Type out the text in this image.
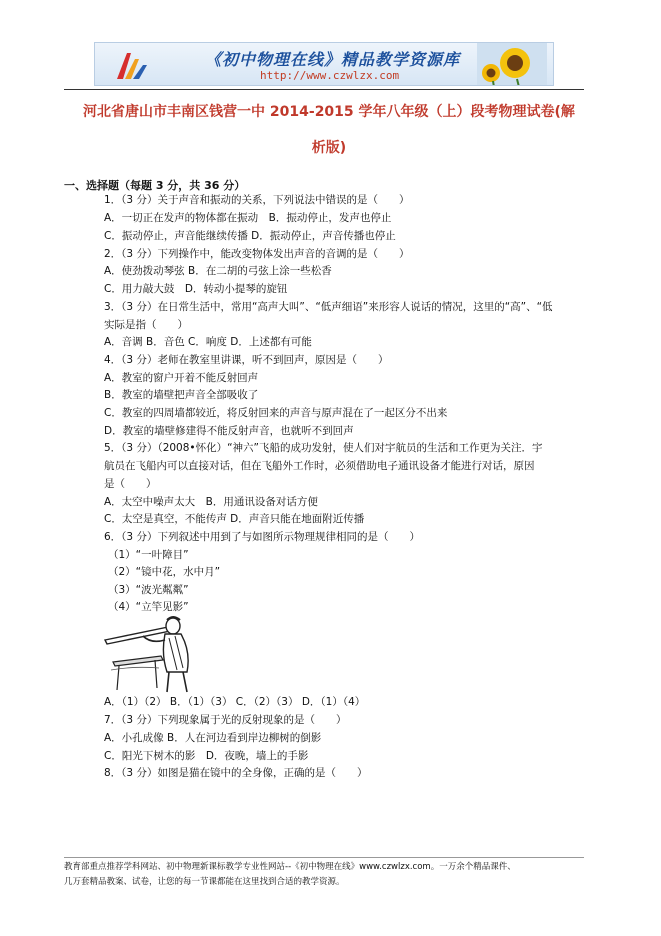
《初中物理在线》精品教学资源库
http://www.czwlzx.com
河北省唐山市丰南区钱营一中 2014-2015 学年八年级（上）段考物理试卷(解
析版)
一、选择题（每题 3 分，共 36 分）
1．（3 分）关于声音和振动的关系，下列说法中错误的是（　　）
A．一切正在发声的物体都在振动　B．振动停止，发声也停止
C．振动停止，声音能继续传播 D．振动停止，声音传播也停止
2．（3 分）下列操作中，能改变物体发出声音的音调的是（　　）
A．使劲拨动琴弦 B．在二胡的弓弦上涂一些松香
C．用力敲大鼓　D．转动小提琴的旋钮
3．（3 分）在日常生活中，常用“高声大叫”、“低声细语”来形容人说话的情况，这里的“高”、“低
实际是指（　　）
A．音调 B．音色 C．响度 D．上述都有可能
4．（3 分）老师在教室里讲课，听不到回声，原因是（　　）
A．教室的窗户开着不能反射回声
B．教室的墙壁把声音全部吸收了
C．教室的四周墙都较近，将反射回来的声音与原声混在了一起区分不出来
D．教室的墙壁修建得不能反射声音，也就听不到回声
5．（3 分）（2008•怀化）“神六”飞船的成功发射，使人们对宇航员的生活和工作更为关注．宇
航员在飞船内可以直接对话，但在飞船外工作时，必须借助电子通讯设备才能进行对话，原因
是（　　）
A．太空中噪声太大　B．用通讯设备对话方便
C．太空是真空，不能传声 D．声音只能在地面附近传播
6．（3 分）下列叙述中用到了与如图所示物理规律相同的是（　　）
（1）“一叶障目”
（2）“镜中花，水中月”
（3）“波光粼粼”
（4）“立竿见影”
A．（1）（2） B．（1）（3） C．（2）（3） D．（1）（4）
7．（3 分）下列现象属于光的反射现象的是（　　）
A．小孔成像 B．人在河边看到岸边柳树的倒影
C．阳光下树木的影　D．夜晚，墙上的手影
8．（3 分）如图是猫在镜中的全身像，正确的是（　　）
教育部重点推荐学科网站、初中物理新课标教学专业性网站--《初中物理在线》www.czwlzx.com。一万余个精品课件、
几万套精品教案、试卷，让您的每一节课都能在这里找到合适的教学资源。
